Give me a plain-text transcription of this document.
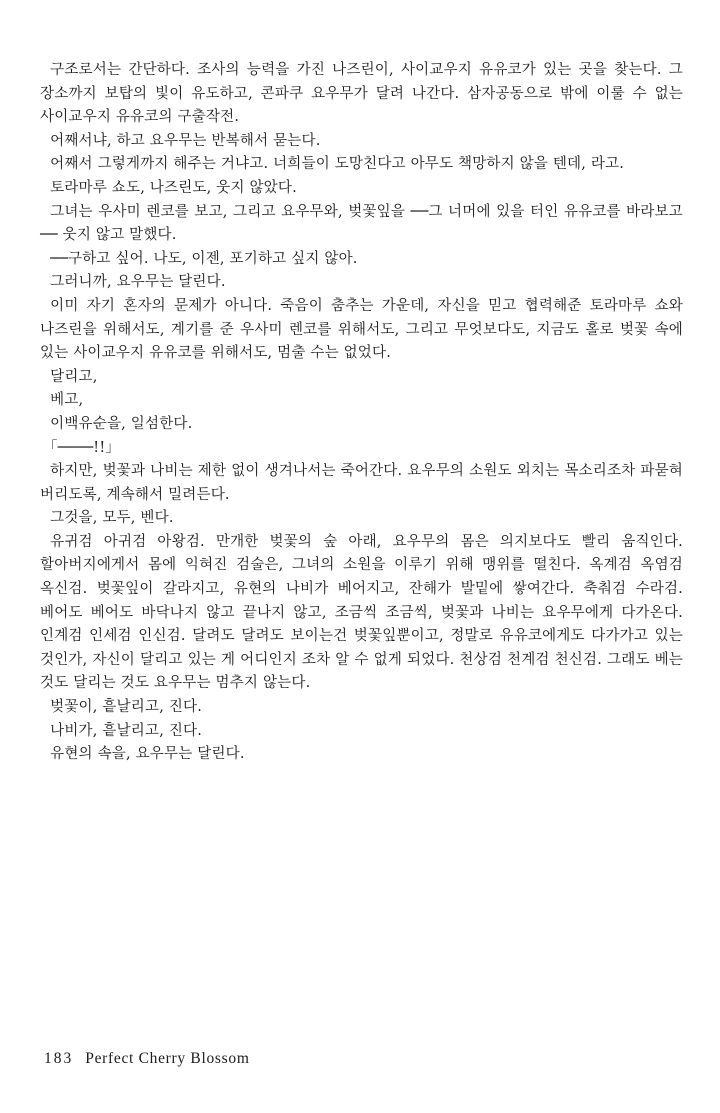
구조로서는 간단하다. 조사의 능력을 가진 나즈린이, 사이교우지 유유코가 있는 곳을 찾는다. 그 장소까지 보탑의 빛이 유도하고, 콘파쿠 요우무가 달려 나간다. 삼자공동으로 밖에 이룰 수 없는 사이교우지 유유코의 구출작전.

어째서냐, 하고 요우무는 반복해서 묻는다.

어째서 그렇게까지 해주는 거냐고. 너희들이 도망친다고 아무도 책망하지 않을 텐데, 라고.

토라마루 쇼도, 나즈린도, 웃지 않았다.

그녀는 우사미 렌코를 보고, 그리고 요우무와, 벚꽃잎을 ──그 너머에 있을 터인 유유코를 바라보고── 웃지 않고 말했다.

──구하고 싶어. 나도, 이젠, 포기하고 싶지 않아.

그러니까, 요우무는 달린다.

이미 자기 혼자의 문제가 아니다. 죽음이 춤추는 가운데, 자신을 믿고 협력해준 토라마루 쇼와 나즈린을 위해서도, 계기를 준 우사미 렌코를 위해서도, 그리고 무엇보다도, 지금도 홀로 벚꽃 속에 있는 사이교우지 유유코를 위해서도, 멈출 수는 없었다.

달리고,

베고,

이백유순을, 일섬한다.

「────!!」

하지만, 벚꽃과 나비는 제한 없이 생겨나서는 죽어간다. 요우무의 소원도 외치는 목소리조차 파묻혀 버리도록, 계속해서 밀려든다.

그것을, 모두, 벤다.

유귀검 아귀검 아왕검. 만개한 벚꽃의 숲 아래, 요우무의 몸은 의지보다도 빨리 움직인다. 할아버지에게서 몸에 익혀진 검술은, 그녀의 소원을 이루기 위해 맹위를 떨친다. 옥계검 옥염검 옥신검. 벚꽃잎이 갈라지고, 유현의 나비가 베어지고, 잔해가 발밑에 쌓여간다. 축춰검 수라검. 베어도 베어도 바닥나지 않고 끝나지 않고, 조금씩 조금씩, 벚꽃과 나비는 요우무에게 다가온다. 인계검 인세검 인신검. 달려도 달려도 보이는건 벚꽃잎뿐이고, 정말로 유유코에게도 다가가고 있는 것인가, 자신이 달리고 있는 게 어디인지 조차 알 수 없게 되었다. 천상검 천계검 천신검. 그래도 베는 것도 달리는 것도 요우무는 멈추지 않는다.

벚꽃이, 흩날리고, 진다.

나비가, 흩날리고, 진다.

유현의 속을, 요우무는 달린다.

183 Perfect Cherry Blossom
